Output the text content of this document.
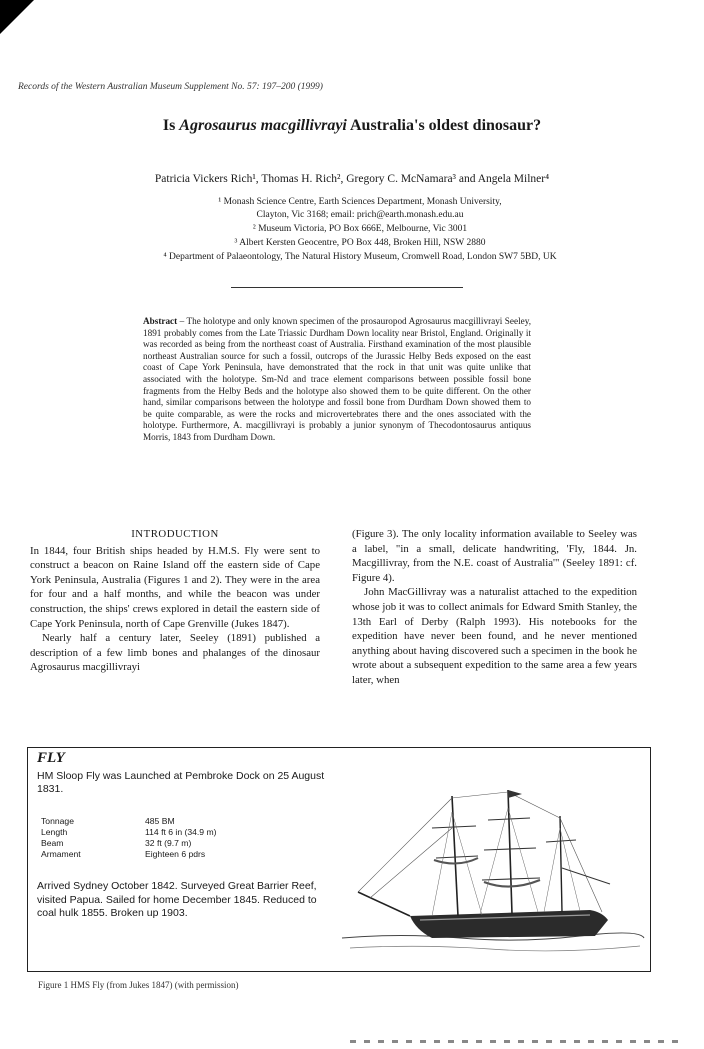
Records of the Western Australian Museum Supplement No. 57: 197–200 (1999)
Is Agrosaurus macgillivrayi Australia's oldest dinosaur?
Patricia Vickers Rich¹, Thomas H. Rich², Gregory C. McNamara³ and Angela Milner⁴
¹ Monash Science Centre, Earth Sciences Department, Monash University,
Clayton, Vic 3168; email: prich@earth.monash.edu.au
² Museum Victoria, PO Box 666E, Melbourne, Vic 3001
³ Albert Kersten Geocentre, PO Box 448, Broken Hill, NSW 2880
⁴ Department of Palaeontology, The Natural History Museum, Cromwell Road, London SW7 5BD, UK
Abstract – The holotype and only known specimen of the prosauropod Agrosaurus macgillivrayi Seeley, 1891 probably comes from the Late Triassic Durdham Down locality near Bristol, England. Originally it was recorded as being from the northeast coast of Australia. Firsthand examination of the most plausible northeast Australian source for such a fossil, outcrops of the Jurassic Helby Beds exposed on the east coast of Cape York Peninsula, have demonstrated that the rock in that unit was quite unlike that associated with the holotype. Sm-Nd and trace element comparisons between possible fossil bone fragments from the Helby Beds and the holotype also showed them to be quite different. On the other hand, similar comparisons between the holotype and fossil bone from Durdham Down showed them to be quite comparable, as were the rocks and microvertebrates there and the ones associated with the holotype. Furthermore, A. macgillivrayi is probably a junior synonym of Thecodontosaurus antiquus Morris, 1843 from Durdham Down.
INTRODUCTION

In 1844, four British ships headed by H.M.S. Fly were sent to construct a beacon on Raine Island off the eastern side of Cape York Peninsula, Australia (Figures 1 and 2). They were in the area for four and a half months, and while the beacon was under construction, the ships' crews explored in detail the eastern side of Cape York Peninsula, north of Cape Grenville (Jukes 1847).

Nearly half a century later, Seeley (1891) published a description of a few limb bones and phalanges of the dinosaur Agrosaurus macgillivrayi

(Figure 3). The only locality information available to Seeley was a label, "in a small, delicate handwriting, 'Fly, 1844. Jn. Macgillivray, from the N.E. coast of Australia'" (Seeley 1891: cf. Figure 4).

John MacGillivray was a naturalist attached to the expedition whose job it was to collect animals for Edward Smith Stanley, the 13th Earl of Derby (Ralph 1993). His notebooks for the expedition have never been found, and he never mentioned anything about having discovered such a specimen in the book he wrote about a subsequent expedition to the same area a few years later, when

FLY
HM Sloop Fly was Launched at Pembroke Dock on 25 August 1831.
Tonnage	485 BM
Length	114 ft 6 in (34.9 m)
Beam	32 ft (9.7 m)
Armament	Eighteen 6 pdrs
Arrived Sydney October 1842. Surveyed Great Barrier Reef, visited Papua. Sailed for home December 1845. Reduced to coal hulk 1855. Broken up 1903.
Figure 1 HMS Fly (from Jukes 1847) (with permission)
